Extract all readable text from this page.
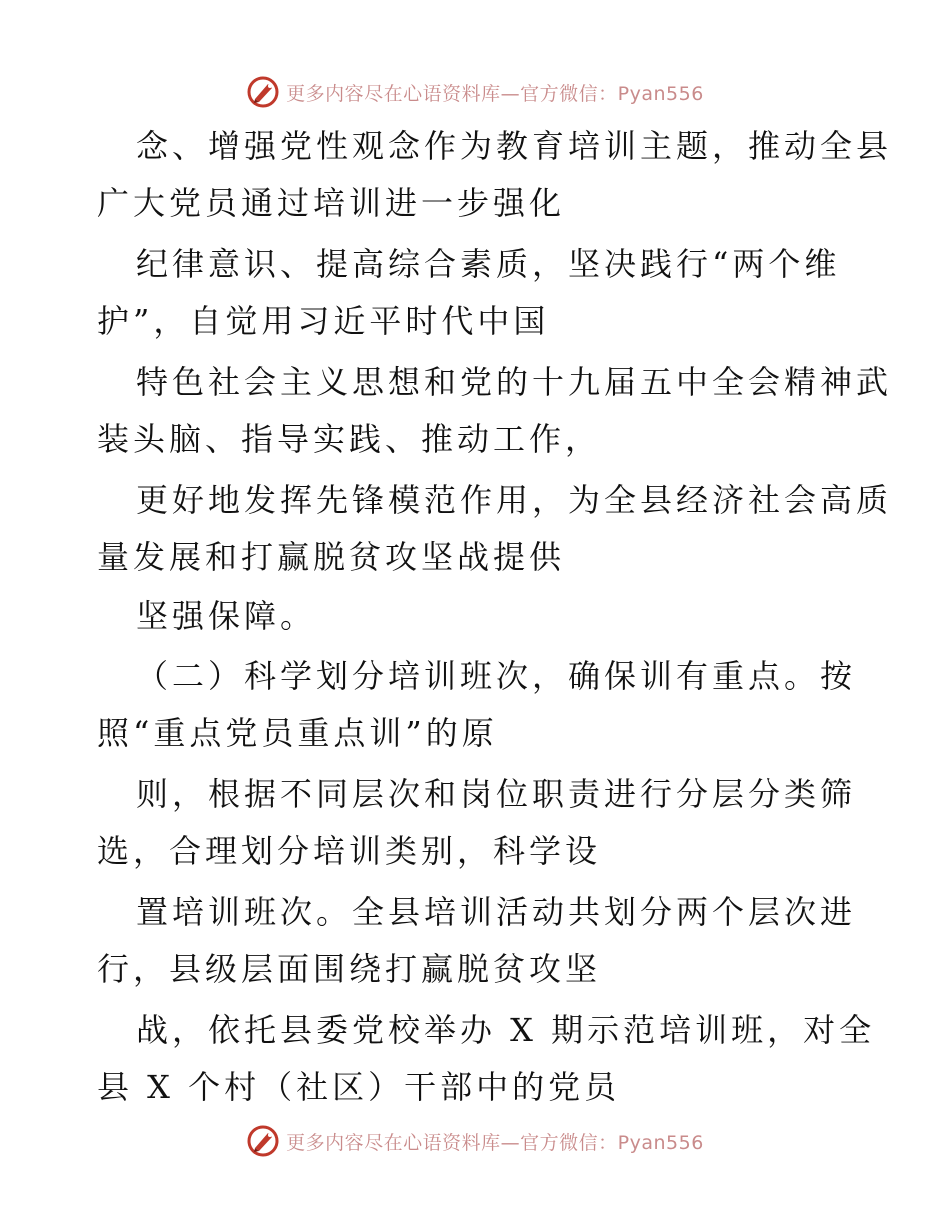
更多内容尽在心语资料库—官方微信：Pyan556
念、增强党性观念作为教育培训主题，推动全县
广大党员通过培训进一步强化
纪律意识、提高综合素质，坚决践行“两个维
护”，自觉用习近平时代中国
特色社会主义思想和党的十九届五中全会精神武
装头脑、指导实践、推动工作，
更好地发挥先锋模范作用，为全县经济社会高质
量发展和打赢脱贫攻坚战提供
坚强保障。
（二）科学划分培训班次，确保训有重点。按
照“重点党员重点训”的原
则，根据不同层次和岗位职责进行分层分类筛
选，合理划分培训类别，科学设
置培训班次。全县培训活动共划分两个层次进
行，县级层面围绕打赢脱贫攻坚
战，依托县委党校举办 X 期示范培训班，对全
县 X 个村（社区）干部中的党员
更多内容尽在心语资料库—官方微信：Pyan556
